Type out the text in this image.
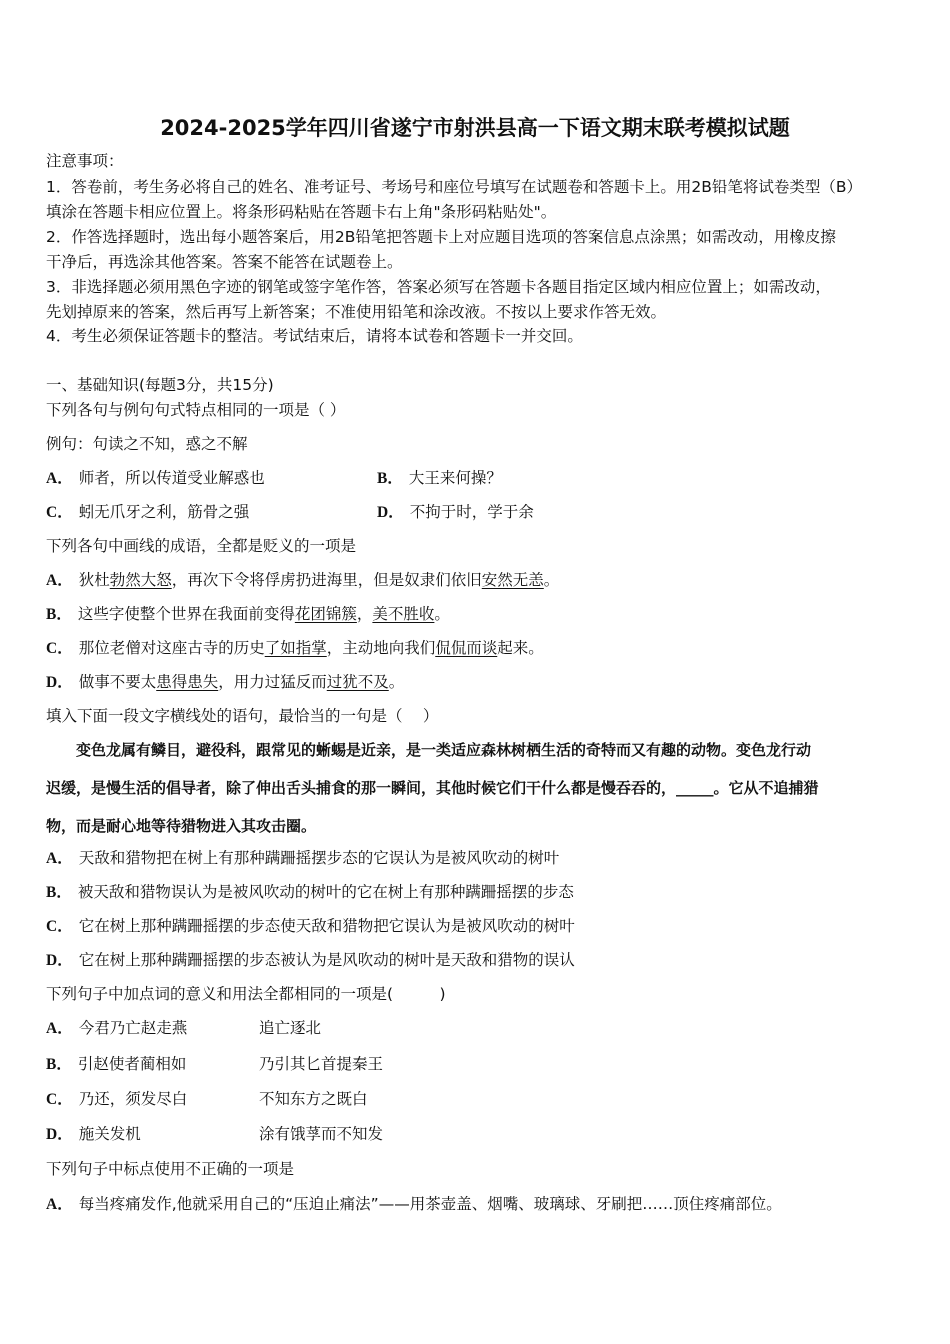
2024-2025学年四川省遂宁市射洪县高一下语文期末联考模拟试题
注意事项：
1．答卷前，考生务必将自己的姓名、准考证号、考场号和座位号填写在试题卷和答题卡上。用2B铅笔将试卷类型（B）
填涂在答题卡相应位置上。将条形码粘贴在答题卡右上角"条形码粘贴处"。
2．作答选择题时，选出每小题答案后，用2B铅笔把答题卡上对应题目选项的答案信息点涂黑；如需改动，用橡皮擦
干净后，再选涂其他答案。答案不能答在试题卷上。
3．非选择题必须用黑色字迹的钢笔或签字笔作答，答案必须写在答题卡各题目指定区域内相应位置上；如需改动，
先划掉原来的答案，然后再写上新答案；不准使用铅笔和涂改液。不按以上要求作答无效。
4．考生必须保证答题卡的整洁。考试结束后，请将本试卷和答题卡一并交回。
一、基础知识(每题3分，共15分)
下列各句与例句句式特点相同的一项是（ ）
例句：句读之不知，惑之不解
A． 师者，所以传道受业解惑也	B． 大王来何操？
C． 蚓无爪牙之利，筋骨之强	D． 不拘于时，学于余
下列各句中画线的成语，全都是贬义的一项是
A． 狄杜勃然大怒，再次下令将俘虏扔进海里，但是奴隶们依旧安然无恙。
B． 这些字使整个世界在我面前变得花团锦簇，美不胜收。
C． 那位老僧对这座古寺的历史了如指掌，主动地向我们侃侃而谈起来。
D． 做事不要太患得患失，用力过猛反而过犹不及。
填入下面一段文字横线处的语句，最恰当的一句是（　 ）
　　变色龙属有鳞目，避役科，跟常见的蜥蜴是近亲，是一类适应森林树栖生活的奇特而又有趣的动物。变色龙行动
迟缓，是慢生活的倡导者，除了伸出舌头捕食的那一瞬间，其他时候它们干什么都是慢吞吞的，_____。它从不追捕猎
物，而是耐心地等待猎物进入其攻击圈。
A． 天敌和猎物把在树上有那种蹒跚摇摆步态的它误认为是被风吹动的树叶
B． 被天敌和猎物误认为是被风吹动的树叶的它在树上有那种蹒跚摇摆的步态
C． 它在树上那种蹒跚摇摆的步态使天敌和猎物把它误认为是被风吹动的树叶
D． 它在树上那种蹒跚摇摆的步态被认为是风吹动的树叶是天敌和猎物的误认
下列句子中加点词的意义和用法全都相同的一项是(　　　)
A． 今君乃亡赵走燕	追亡逐北
B． 引赵使者蔺相如	乃引其匕首提秦王
C． 乃还，须发尽白	不知东方之既白
D． 施关发机	涂有饿莩而不知发
下列句子中标点使用不正确的一项是
A． 每当疼痛发作,他就采用自己的“压迫止痛法”——用茶壶盖、烟嘴、玻璃球、牙刷把……顶住疼痛部位。
